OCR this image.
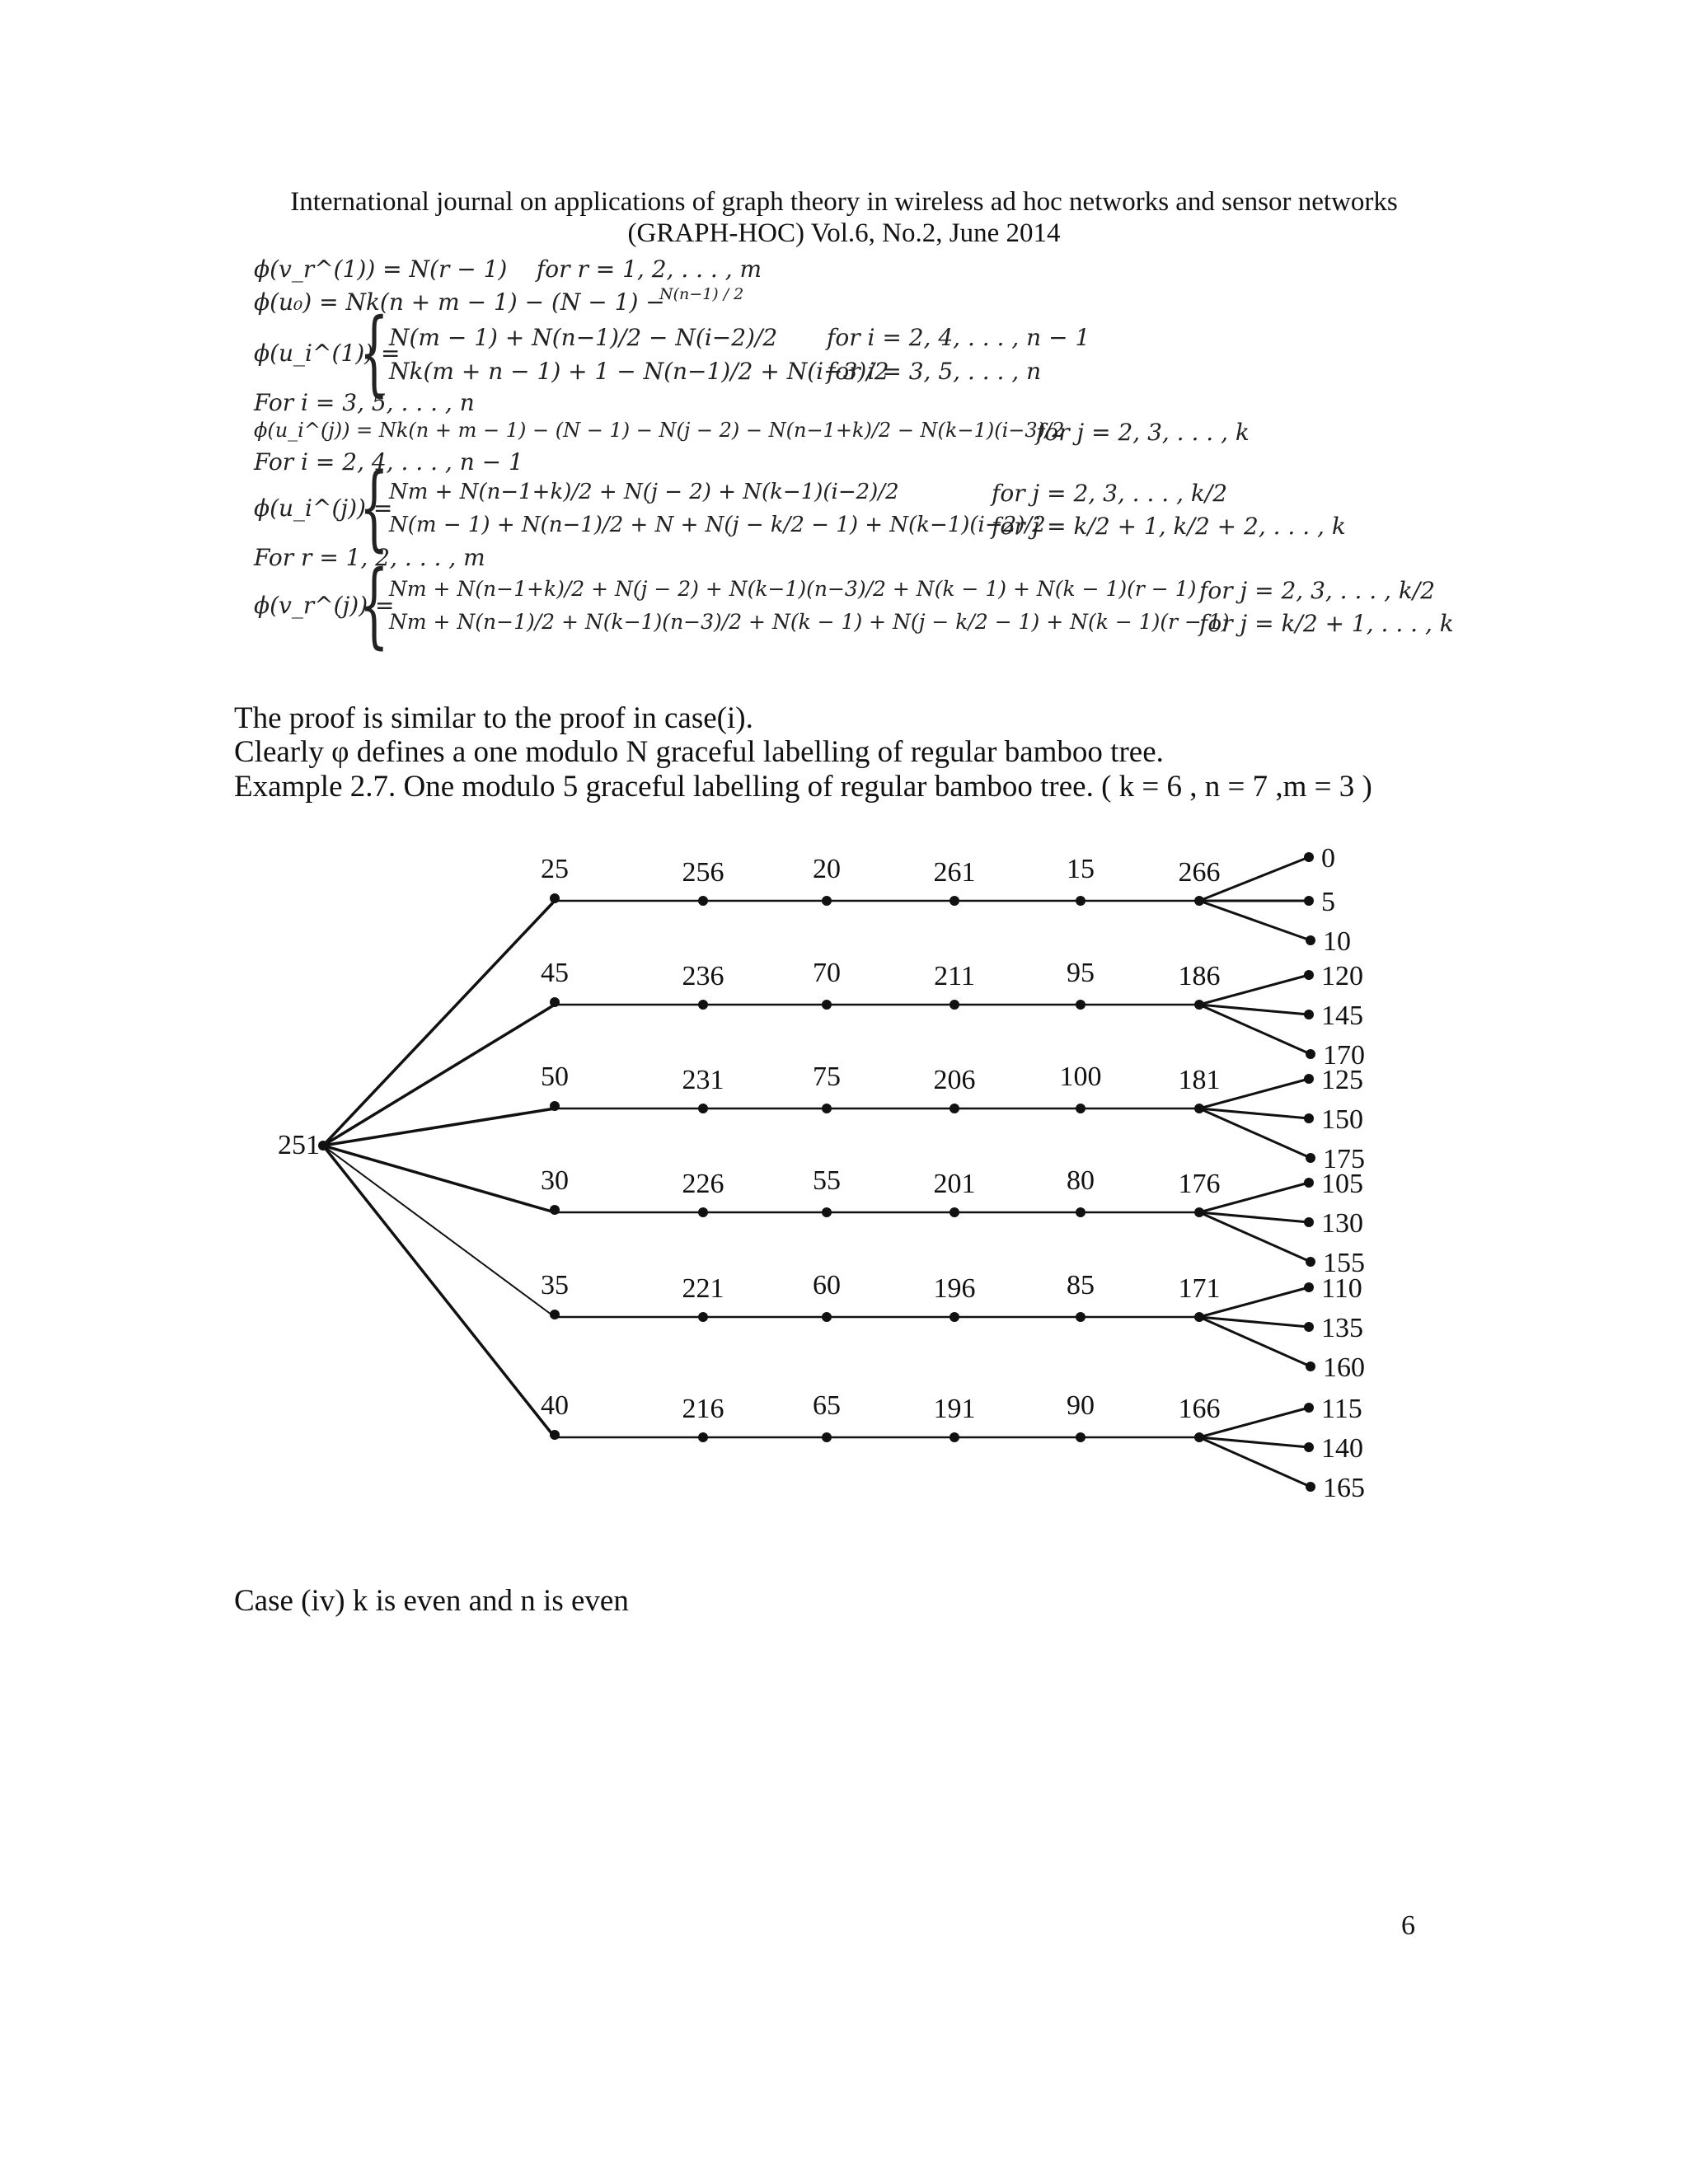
International journal on applications of graph theory in wireless ad hoc networks and sensor networks
(GRAPH-HOC) Vol.6, No.2, June 2014
ϕ(v_r^(1)) = N(r − 1)    for r = 1, 2, . . . , m
ϕ(u₀) = Nk(n + m − 1) − (N − 1) −
N(n−1) / 2
ϕ(u_i^(1)) =
{ N(m − 1) + N(n−1)/2 − N(i−2)/2 for i = 2, 4, . . . , n − 1
Nk(m + n − 1) + 1 − N(n−1)/2 + N(i−3)/2
for i = 3, 5, . . . , n
For i = 3, 5, . . . , n
ϕ(u_i^(j)) = Nk(n + m − 1) − (N − 1) − N(j − 2) − N(n−1+k)/2 − N(k−1)(i−3)/2
for j = 2, 3, . . . , k
For i = 2, 4, . . . , n − 1
ϕ(u_i^(j)) =
{ Nm + N(n−1+k)/2 + N(j − 2) + N(k−1)(i−2)/2	for j = 2, 3, . . . , k/2
N(m − 1) + N(n−1)/2 + N + N(j − k/2 − 1) + N(k−1)(i−2)/2
for j = k/2 + 1, k/2 + 2, . . . , k
For r = 1, 2, . . . , m
ϕ(v_r^(j)) =
{ Nm + N(n−1+k)/2 + N(j − 2) + N(k−1)(n−3)/2 + N(k − 1) + N(k − 1)(r − 1) for j = 2, 3, . . . , k/2
Nm + N(n−1)/2 + N(k−1)(n−3)/2 + N(k − 1) + N(j − k/2 − 1) + N(k − 1)(r − 1)
for j = k/2 + 1, . . . , k
The proof is similar to the proof in case(i).
Clearly φ defines a one modulo N graceful labelling of regular bamboo tree.
Example 2.7. One modulo 5 graceful labelling of regular bamboo tree. ( k = 6 , n = 7 ,m = 3 )
25	256	20	261	15	266	0
5
10
45	236	70	211	95	186	120
145
170
50	231	75	206	100	181	125
150
175
30	226	55	201	80	176	105
130
155
35	221	60	196	85	171	110
135
160
40	216	65	191	90	166	115
140
165
251
Case (iv) k is even and n is even
6
